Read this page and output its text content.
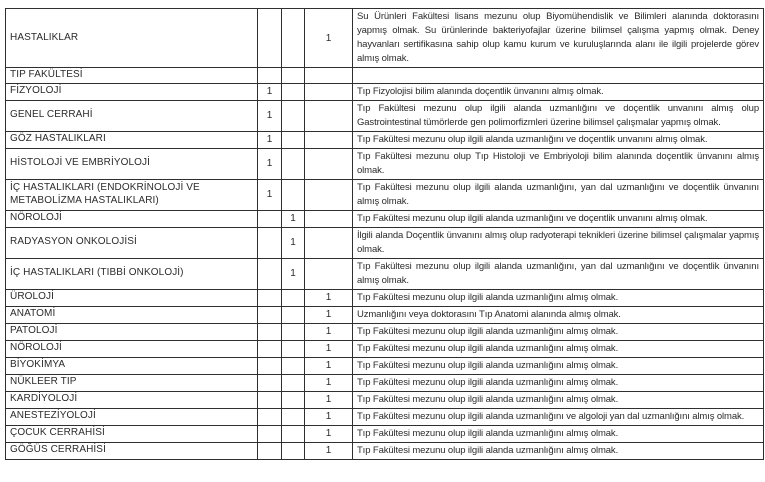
HASTALIKLAR			1	Su Ürünleri Fakültesi lisans mezunu olup Biyomühendislik ve Bilimleri alanında doktorasını yapmış olmak. Su ürünlerinde bakteriyofajlar üzerine bilimsel çalışma yapmış olmak. Deney hayvanları sertifikasına sahip olup kamu kurum ve kuruluşlarında alanı ile ilgili projelerde görev almış olmak.
TIP FAKÜLTESİ				
FİZYOLOJİ	1			Tıp Fizyolojisi bilim alanında doçentlik ünvanını almış olmak.
GENEL CERRAHİ	1			Tıp Fakültesi mezunu olup ilgili alanda uzmanlığını ve doçentlik unvanını almış olup Gastrointestinal tümörlerde gen polimorfizmleri üzerine bilimsel çalışmalar yapmış olmak.
GÖZ HASTALIKLARI	1			Tıp Fakültesi mezunu olup ilgili alanda uzmanlığını ve doçentlik unvanını almış olmak.
HİSTOLOJİ VE EMBRİYOLOJİ	1			Tıp Fakültesi mezunu olup Tıp Histoloji ve Embriyoloji bilim alanında doçentlik ünvanını almış olmak.
İÇ HASTALIKLARI (ENDOKRİNOLOJİ VE METABOLİZMA HASTALIKLARI)	1			Tıp Fakültesi mezunu olup ilgili alanda uzmanlığını, yan dal uzmanlığını ve doçentlik ünvanını almış olmak.
NÖROLOJİ		1		Tıp Fakültesi mezunu olup ilgili alanda uzmanlığını ve doçentlik unvanını almış olmak.
RADYASYON ONKOLOJİSİ		1		İlgili alanda Doçentlik ünvanını almış olup radyoterapi teknikleri üzerine bilimsel çalışmalar yapmış olmak.
İÇ HASTALIKLARI (TIBBİ ONKOLOJİ)		1		Tıp Fakültesi mezunu olup ilgili alanda uzmanlığını, yan dal uzmanlığını ve doçentlik ünvanını almış olmak.
ÜROLOJİ			1	Tıp Fakültesi mezunu olup ilgili alanda uzmanlığını almış olmak.
ANATOMİ			1	Uzmanlığını veya doktorasını Tıp Anatomi alanında almış olmak.
PATOLOJİ			1	Tıp Fakültesi mezunu olup ilgili alanda uzmanlığını almış olmak.
NÖROLOJİ			1	Tıp Fakültesi mezunu olup ilgili alanda uzmanlığını almış olmak.
BİYOKİMYA			1	Tıp Fakültesi mezunu olup ilgili alanda uzmanlığını almış olmak.
NÜKLEER TIP			1	Tıp Fakültesi mezunu olup ilgili alanda uzmanlığını almış olmak.
KARDİYOLOJİ			1	Tıp Fakültesi mezunu olup ilgili alanda uzmanlığını almış olmak.
ANESTEZİYOLOJİ			1	Tıp Fakültesi mezunu olup ilgili alanda uzmanlığını ve algoloji yan dal uzmanlığını almış olmak.
ÇOCUK CERRAHİSİ			1	Tıp Fakültesi mezunu olup ilgili alanda uzmanlığını almış olmak.
GÖĞÜS CERRAHİSİ			1	Tıp Fakültesi mezunu olup ilgili alanda uzmanlığını almış olmak.
